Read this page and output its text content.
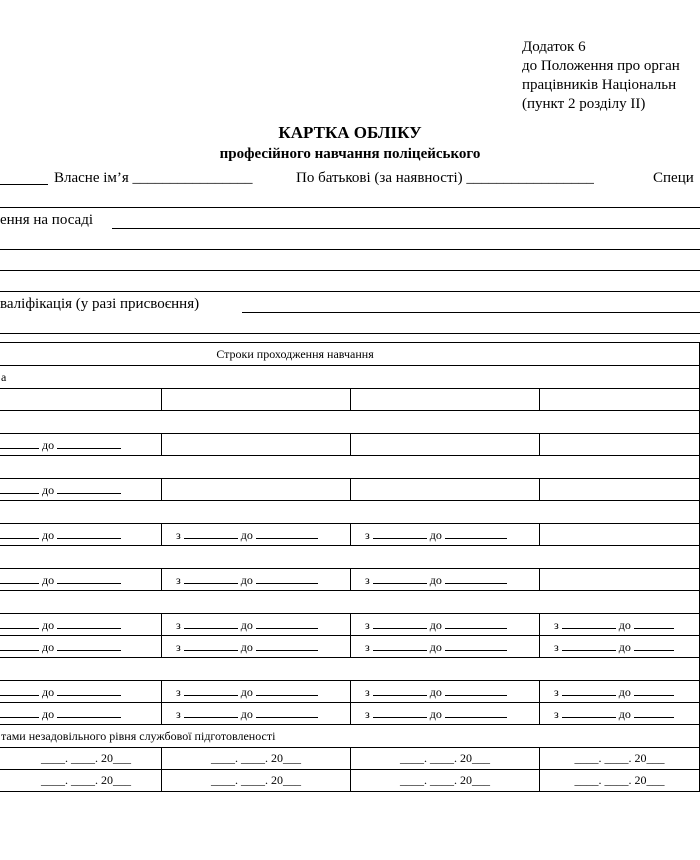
Додаток 6
до Положення про орган
працівників Національн
(пункт 2 розділу II)
КАРТКА ОБЛІКУ
професійного навчання поліцейського
Власне ім’я ________________	По батькові (за наявності) _________________	Специ
ення на посаді
валіфікація (у разі присвоєння)
Строки проходження навчання			
а			

до			

до			

до	з до	з до	

до	з до	з до	

до	з до	з до	з до
до	з до	з до	з до

до	з до	з до	з до
до	з до	з до	з до
тами незадовільного рівня службової підготовленості			
____. ____. 20___	____. ____. 20___	____. ____. 20___	____. ____. 20___
____. ____. 20___	____. ____. 20___	____. ____. 20___	____. ____. 20___
